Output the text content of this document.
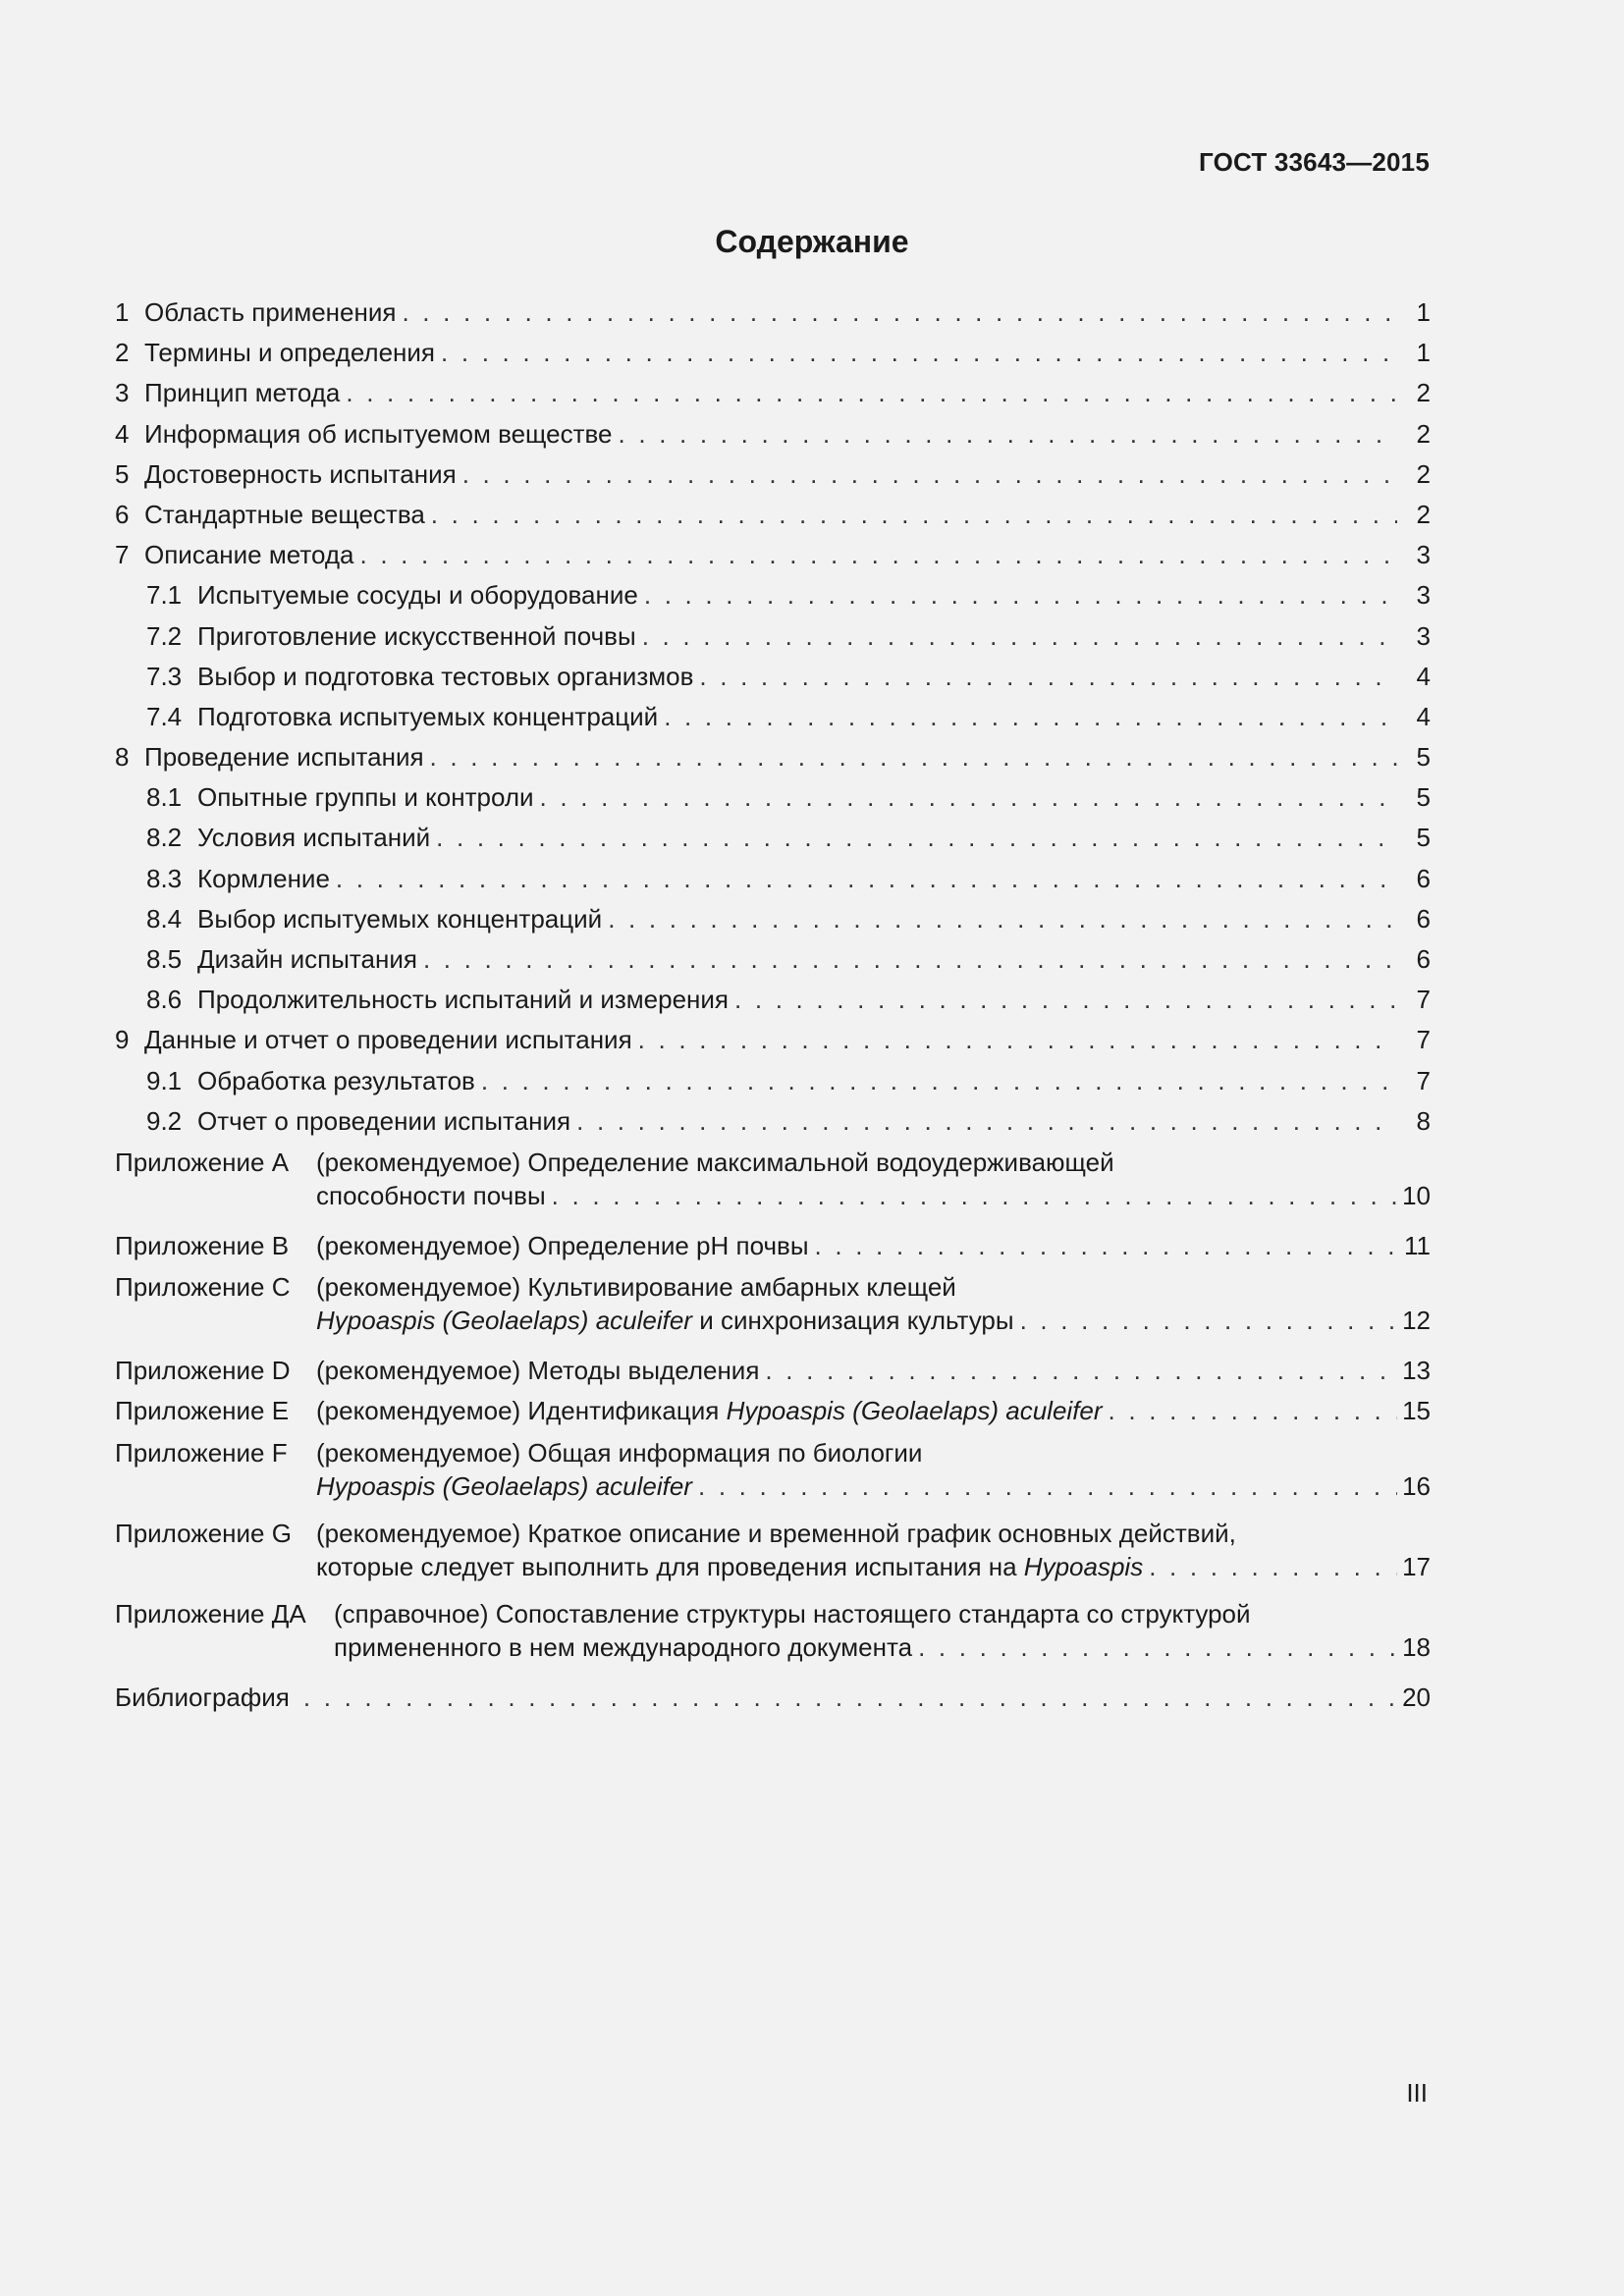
ГОСТ 33643—2015
Содержание
1 Область применения . . .	1
2 Термины и определения . . .	1
3 Принцип метода . . .	2
4 Информация об испытуемом веществе . . .	2
5 Достоверность испытания . . .	2
6 Стандартные вещества . . .	2
7 Описание метода . . .	3
7.1 Испытуемые сосуды и оборудование . . .	3
7.2 Приготовление искусственной почвы . . .	3
7.3 Выбор и подготовка тестовых организмов . . .	4
7.4 Подготовка испытуемых концентраций . . .	4
8 Проведение испытания . . .	5
8.1 Опытные группы и контроли . . .	5
8.2 Условия испытаний . . .	5
8.3 Кормление . . .	6
8.4 Выбор испытуемых концентраций . . .	6
8.5 Дизайн испытания . . .	6
8.6 Продолжительность испытаний и измерения . . .	7
9 Данные и отчет о проведении испытания . . .	7
9.1 Обработка результатов . . .	7
9.2 Отчет о проведении испытания . . .	8
Приложение А	(рекомендуемое) Определение максимальной водоудерживающей
способности почвы . . .	10
Приложение В	(рекомендуемое) Определение рН почвы . . .	11
Приложение С	(рекомендуемое) Культивирование амбарных клещей
Hypoaspis (Geolaelaps) aculeifer и синхронизация культуры . . .	12
Приложение D	(рекомендуемое) Методы выделения . . .	13
Приложение Е	(рекомендуемое) Идентификация Hypoaspis (Geolaelaps) aculeifer . . .	15
Приложение F	(рекомендуемое) Общая информация по биологии
Hypoaspis (Geolaelaps) aculeifer . . .	16
Приложение G (рекомендуемое) Краткое описание и временной график основных действий,
которые следует выполнить для проведения испытания на Hypoaspis . . .	17
Приложение ДА	(справочное) Сопоставление структуры настоящего стандарта со структурой
примененного в нем международного документа . . .	18
Библиография . . .	20
III
